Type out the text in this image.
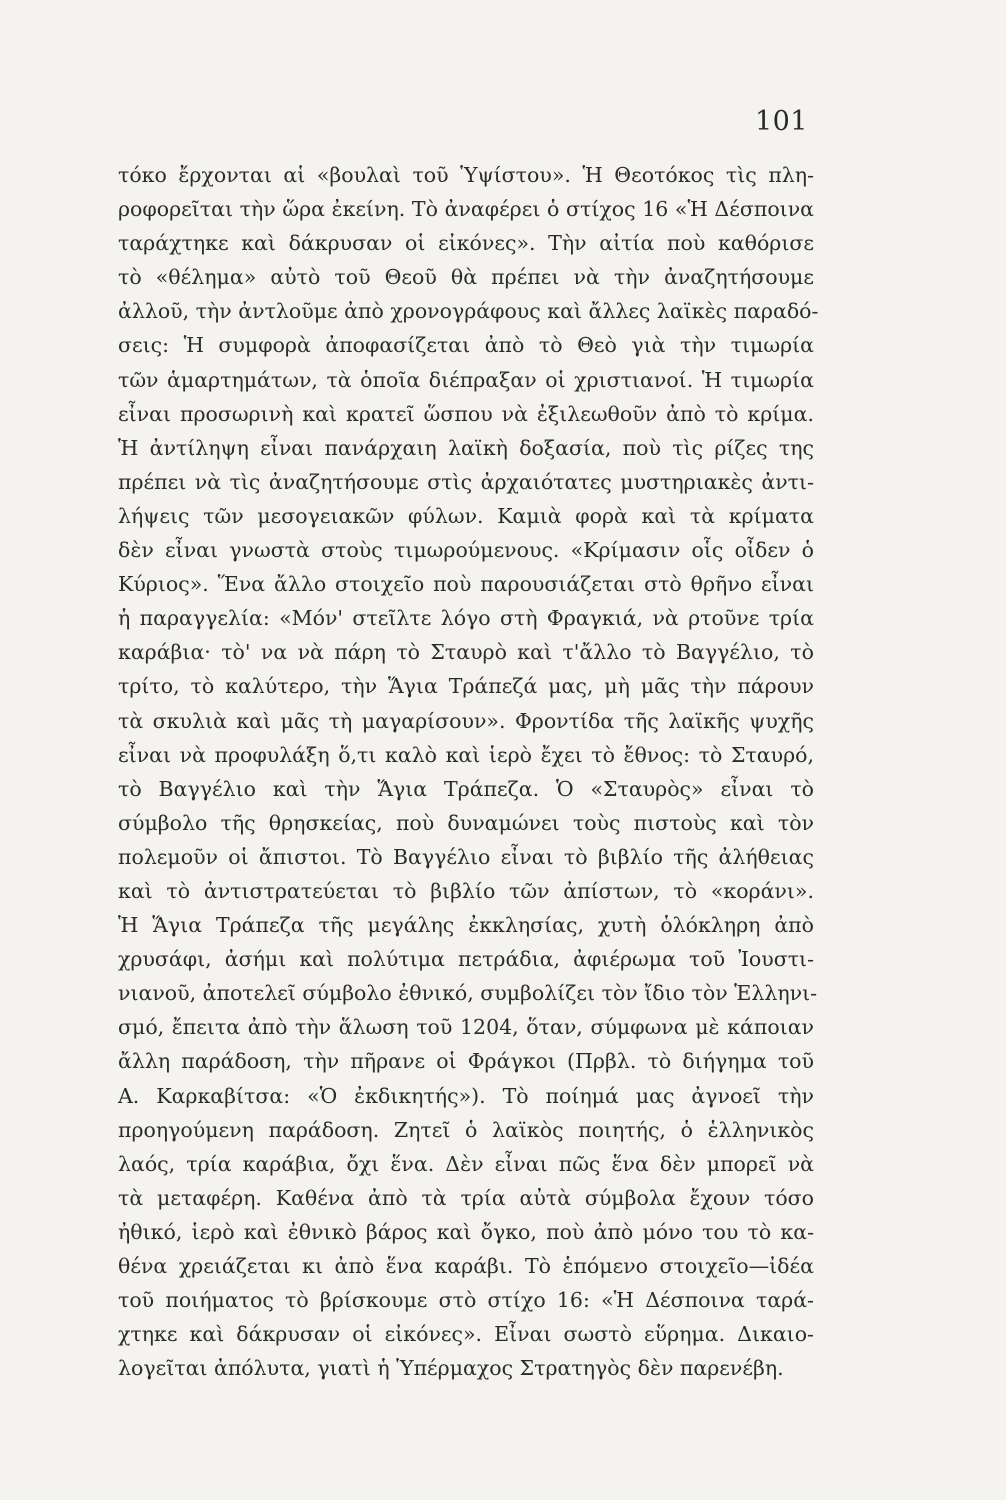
101
τόκο ἔρχονται αἱ «βουλαὶ τοῦ Ὑψίστου». Ἡ Θεοτόκος τὶς πλη-
ροφορεῖται τὴν ὥρα ἐκείνη. Τὸ ἀναφέρει ὁ στίχος 16 «Ἡ Δέσποινα
ταράχτηκε καὶ δάκρυσαν οἱ εἰκόνες». Τὴν αἰτία ποὺ καθόρισε
τὸ «θέλημα» αὐτὸ τοῦ Θεοῦ θὰ πρέπει νὰ τὴν ἀναζητήσουμε
ἀλλοῦ, τὴν ἀντλοῦμε ἀπὸ χρονογράφους καὶ ἄλλες λαϊκὲς παραδό-
σεις: Ἡ συμφορὰ ἀποφασίζεται ἀπὸ τὸ Θεὸ γιὰ τὴν τιμωρία
τῶν ἁμαρτημάτων, τὰ ὁποῖα διέπραξαν οἱ χριστιανοί. Ἡ τιμωρία
εἶναι προσωρινὴ καὶ κρατεῖ ὥσπου νὰ ἐξιλεωθοῦν ἀπὸ τὸ κρίμα.
Ἡ ἀντίληψη εἶναι πανάρχαιη λαϊκὴ δοξασία, ποὺ τὶς ρίζες της
πρέπει νὰ τὶς ἀναζητήσουμε στὶς ἀρχαιότατες μυστηριακὲς ἀντι-
λήψεις τῶν μεσογειακῶν φύλων. Καμιὰ φορὰ καὶ τὰ κρίματα
δὲν εἶναι γνωστὰ στοὺς τιμωρούμενους. «Κρίμασιν οἷς οἶδεν ὁ
Κύριος». Ἕνα ἄλλο στοιχεῖο ποὺ παρουσιάζεται στὸ θρῆνο εἶναι
ἡ παραγγελία: «Μόν' στεῖλτε λόγο στὴ Φραγκιά, νὰ ρτοῦνε τρία
καράβια· τὸ' να νὰ πάρη τὸ Σταυρὸ καὶ τ'ἄλλο τὸ Βαγγέλιο, τὸ
τρίτο, τὸ καλύτερο, τὴν Ἅγια Τράπεζά μας, μὴ μᾶς τὴν πάρουν
τὰ σκυλιὰ καὶ μᾶς τὴ μαγαρίσουν». Φροντίδα τῆς λαϊκῆς ψυχῆς
εἶναι νὰ προφυλάξη ὅ,τι καλὸ καὶ ἱερὸ ἔχει τὸ ἔθνος: τὸ Σταυρό,
τὸ Βαγγέλιο καὶ τὴν Ἅγια Τράπεζα. Ὁ «Σταυρὸς» εἶναι τὸ
σύμβολο τῆς θρησκείας, ποὺ δυναμώνει τοὺς πιστοὺς καὶ τὸν
πολεμοῦν οἱ ἄπιστοι. Τὸ Βαγγέλιο εἶναι τὸ βιβλίο τῆς ἀλήθειας
καὶ τὸ ἀντιστρατεύεται τὸ βιβλίο τῶν ἀπίστων, τὸ «κοράνι».
Ἡ Ἅγια Τράπεζα τῆς μεγάλης ἐκκλησίας, χυτὴ ὁλόκληρη ἀπὸ
χρυσάφι, ἀσήμι καὶ πολύτιμα πετράδια, ἀφιέρωμα τοῦ Ἰουστι-
νιανοῦ, ἀποτελεῖ σύμβολο ἐθνικό, συμβολίζει τὸν ἴδιο τὸν Ἑλληνι-
σμό, ἔπειτα ἀπὸ τὴν ἅλωση τοῦ 1204, ὅταν, σύμφωνα μὲ κάποιαν
ἄλλη παράδοση, τὴν πῆρανε οἱ Φράγκοι (Πρβλ. τὸ διήγημα τοῦ
Α. Καρκαβίτσα: «Ὁ ἐκδικητής»). Τὸ ποίημά μας ἀγνοεῖ τὴν
προηγούμενη παράδοση. Ζητεῖ ὁ λαϊκὸς ποιητής, ὁ ἑλληνικὸς
λαός, τρία καράβια, ὄχι ἕνα. Δὲν εἶναι πῶς ἕνα δὲν μπορεῖ νὰ
τὰ μεταφέρη. Καθένα ἀπὸ τὰ τρία αὐτὰ σύμβολα ἔχουν τόσο
ἠθικό, ἱερὸ καὶ ἐθνικὸ βάρος καὶ ὄγκο, ποὺ ἀπὸ μόνο του τὸ κα-
θένα χρειάζεται κι ἀπὸ ἕνα καράβι. Τὸ ἑπόμενο στοιχεῖο—ἰδέα
τοῦ ποιήματος τὸ βρίσκουμε στὸ στίχο 16: «Ἡ Δέσποινα ταρά-
χτηκε καὶ δάκρυσαν οἱ εἰκόνες». Εἶναι σωστὸ εὕρημα. Δικαιο-
λογεῖται ἀπόλυτα, γιατὶ ἡ Ὑπέρμαχος Στρατηγὸς δὲν παρενέβη.
